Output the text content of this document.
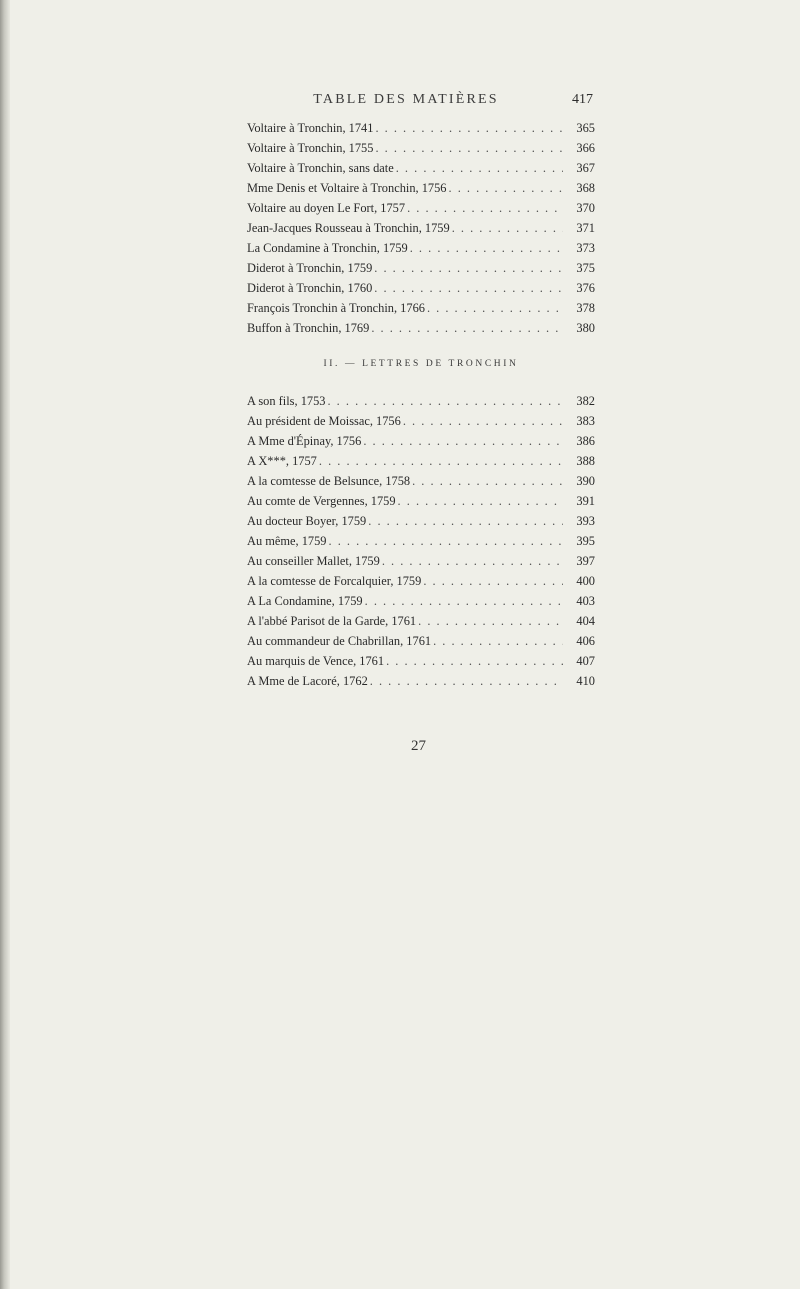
TABLE DES MATIÈRES	417
Voltaire à Tronchin, 1741 . . .	365
Voltaire à Tronchin, 1755 . . .	366
Voltaire à Tronchin, sans date . . .	367
Mme Denis et Voltaire à Tronchin, 1756 . . .	368
Voltaire au doyen Le Fort, 1757 . . .	370
Jean-Jacques Rousseau à Tronchin, 1759 . . .	371
La Condamine à Tronchin, 1759 . . .	373
Diderot à Tronchin, 1759 . . .	375
Diderot à Tronchin, 1760 . . .	376
François Tronchin à Tronchin, 1766 . . .	378
Buffon à Tronchin, 1769 . . .	380
II. — LETTRES DE TRONCHIN
A son fils, 1753 . . .	382
Au président de Moissac, 1756 . . .	383
A Mme d'Épinay, 1756 . . .	386
A X***, 1757 . . .	388
A la comtesse de Belsunce, 1758 . . .	390
Au comte de Vergennes, 1759 . . .	391
Au docteur Boyer, 1759 . . .	393
Au même, 1759 . . .	395
Au conseiller Mallet, 1759 . . .	397
A la comtesse de Forcalquier, 1759 . . .	400
A La Condamine, 1759 . . .	403
A l'abbé Parisot de la Garde, 1761 . . .	404
Au commandeur de Chabrillan, 1761 . . .	406
Au marquis de Vence, 1761 . . .	407
A Mme de Lacoré, 1762 . . .	410
27
